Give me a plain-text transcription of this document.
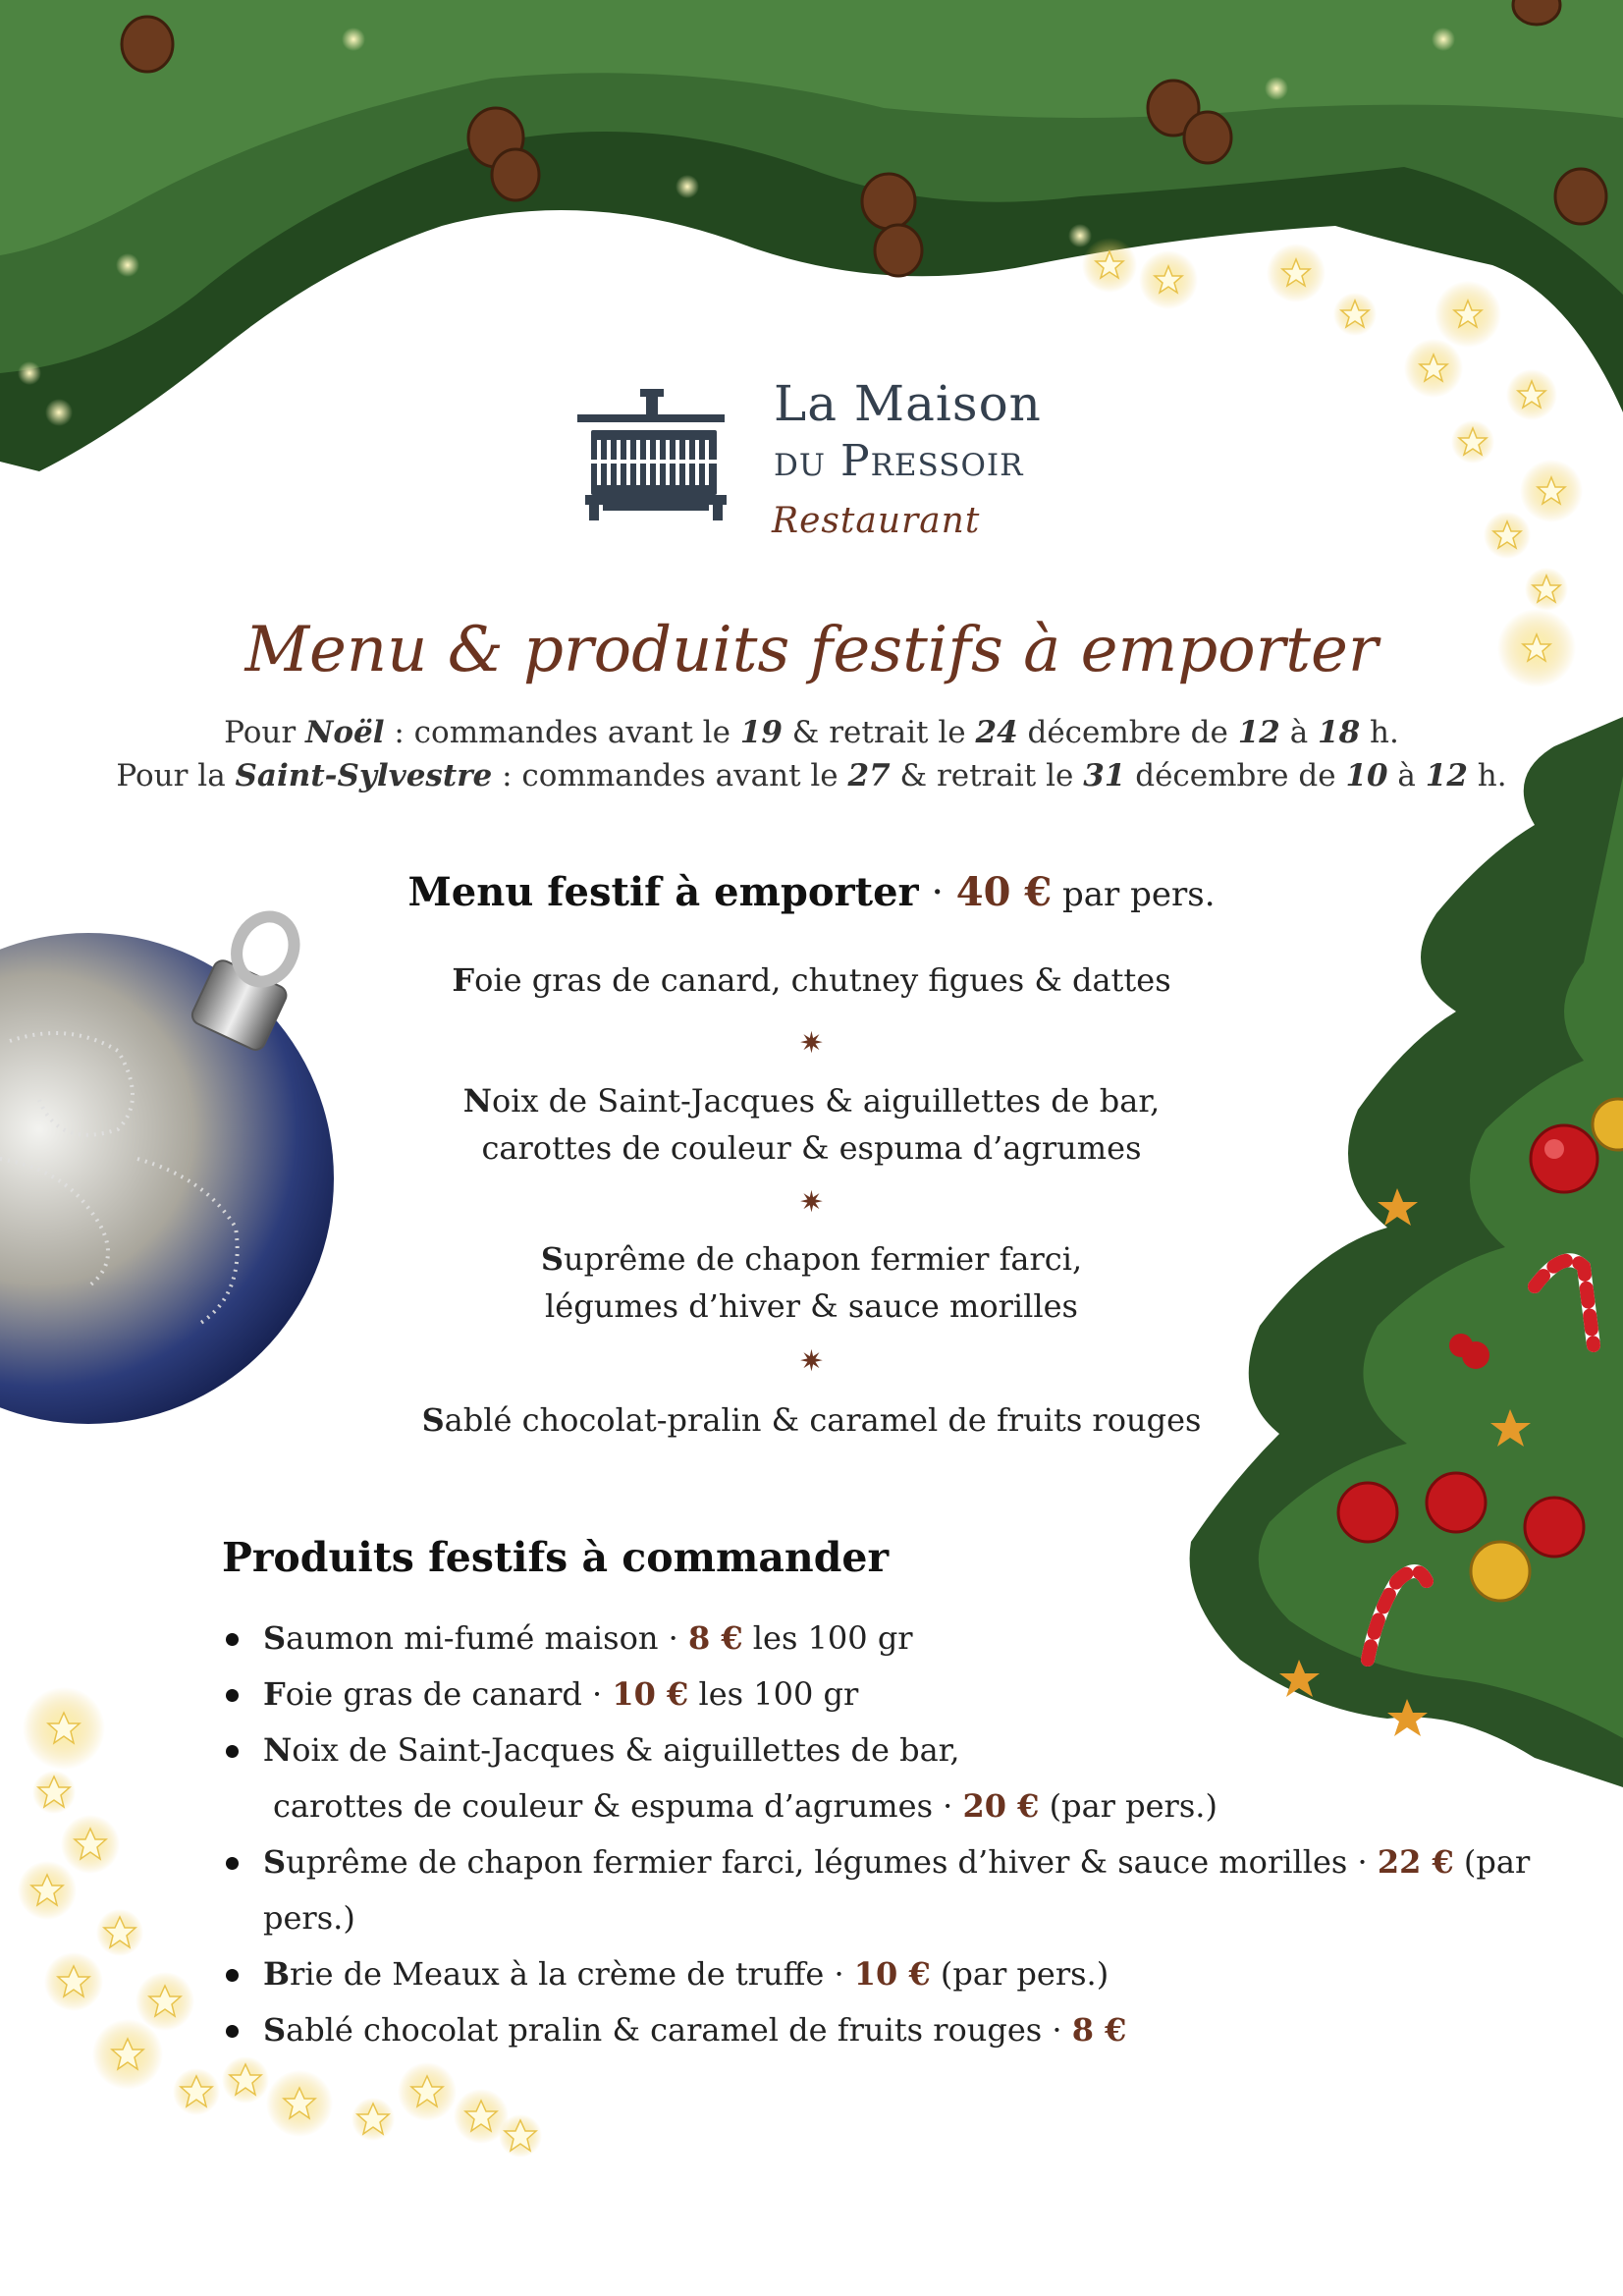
La Maison
du Pressoir
Restaurant
Menu & produits festifs à emporter
Pour Noël : commandes avant le 19 & retrait le 24 décembre de 12 à 18 h.
Pour la Saint-Sylvestre : commandes avant le 27 & retrait le 31 décembre de 10 à 12 h.
Menu festif à emporter · 40 € par pers.
Foie gras de canard, chutney figues & dattes
✷
Noix de Saint-Jacques & aiguillettes de bar,
carottes de couleur & espuma d’agrumes
✷
Suprême de chapon fermier farci,
légumes d’hiver & sauce morilles
✷
Sablé chocolat-pralin & caramel de fruits rouges
Produits festifs à commander
Saumon mi-fumé maison · 8 € les 100 gr
Foie gras de canard · 10 € les 100 gr
Noix de Saint-Jacques & aiguillettes de bar,
carottes de couleur & espuma d’agrumes · 20 € (par pers.)
Suprême de chapon fermier farci, légumes d’hiver & sauce morilles · 22 € (par pers.)
Brie de Meaux à la crème de truffe · 10 € (par pers.)
Sablé chocolat pralin & caramel de fruits rouges · 8 €
